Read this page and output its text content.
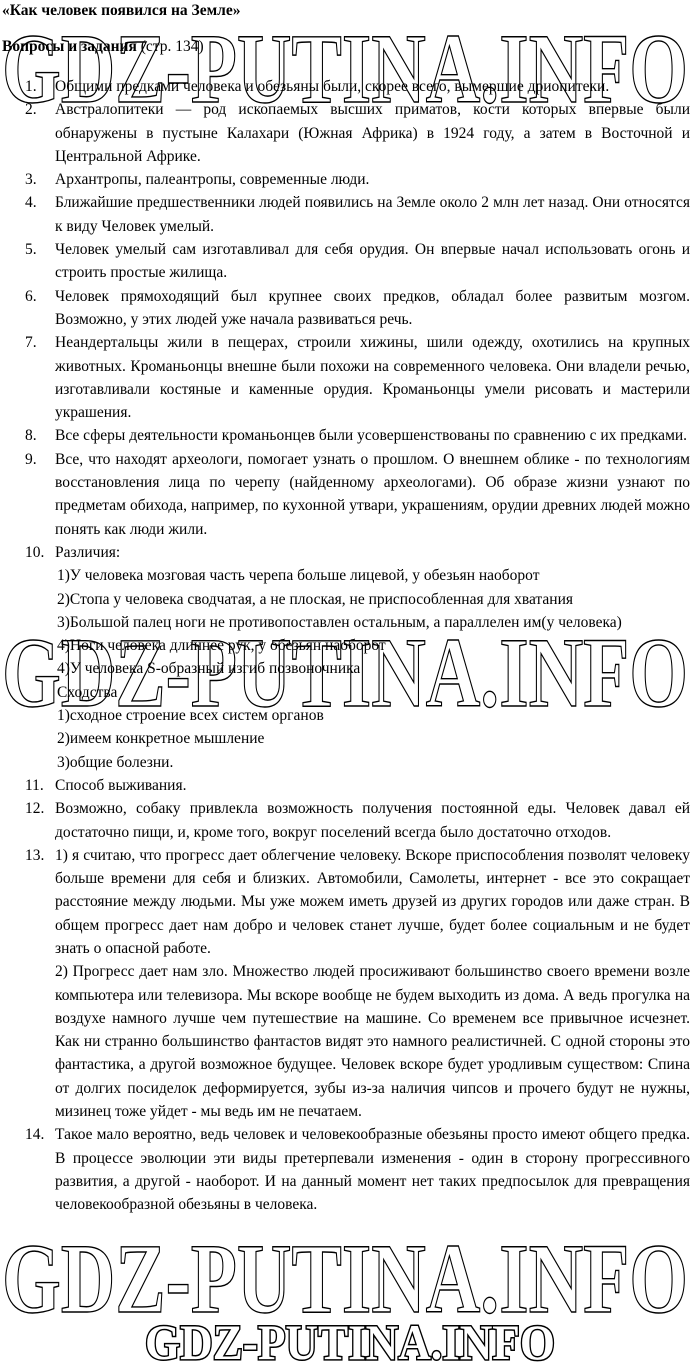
«Как человек появился на Земле»
Вопросы и задания (стр. 134)
1.	Общими предками человека и обезьяны были, скорее всего, вымершие дриопитеки.

2.	Австралопитеки — род ископаемых высших приматов, кости которых впервые были обнаружены в пустыне Калахари (Южная Африка) в 1924 году, а затем в Восточной и Центральной Африке.

3.	Архантропы, палеантропы, современные люди.

4.	Ближайшие предшественники людей появились на Земле около 2 млн лет назад. Они относятся к виду Человек умелый.

5.	Человек умелый сам изготавливал для себя орудия. Он впервые начал использовать огонь и строить простые жилища.

6.	Человек прямоходящий был крупнее своих предков, обладал более развитым мозгом. Возможно, у этих людей уже начала развиваться речь.

7.	Неандертальцы жили в пещерах, строили хижины, шили одежду, охотились на крупных животных. Кроманьонцы внешне были похожи на современного человека. Они владели речью, изготавливали костяные и каменные орудия. Кроманьонцы умели рисовать и мастерили украшения.

8.	Все сферы деятельности кроманьонцев были усовершенствованы по сравнению с их предками.

9.	Все, что находят археологи, помогает узнать о прошлом. О внешнем облике - по технологиям восстановления лица по черепу (найденному археологами). Об образе жизни узнают по предметам обихода, например, по кухонной утвари, украшениям, орудии древних людей можно понять как люди жили.

10. Различия:

1)У человека мозговая часть черепа больше лицевой, у обезьян наоборот

2)Стопа у человека сводчатая, а не плоская, не приспособленная для хватания

3)Большой палец ноги не противопоставлен остальным, а параллелен им(у человека)

4)Ноги человека длиннее рук, у обезьян наоборот

4)У человека S-образный изгиб позвоночника

Сходства

1)сходное строение всех систем органов

2)имеем конкретное мышление

3)общие болезни.

11. Способ выживания.

12. Возможно, собаку привлекла возможность получения постоянной еды. Человек давал ей достаточно пищи, и, кроме того, вокруг поселений всегда было достаточно отходов.

13. 1) я считаю, что прогресс дает облегчение человеку. Вскоре приспособления позволят человеку больше времени для себя и близких. Автомобили, Самолеты, интернет - все это сокращает расстояние между людьми. Мы уже можем иметь друзей из других городов или даже стран. В общем прогресс дает нам добро и человек станет лучше, будет более социальным и не будет знать о опасной работе.

2) Прогресс дает нам зло. Множество людей просиживают большинство своего времени возле компьютера или телевизора. Мы вскоре вообще не будем выходить из дома. А ведь прогулка на воздухе намного лучше чем путешествие на машине. Со временем все привычное исчезнет. Как ни странно большинство фантастов видят это намного реалистичней. С одной стороны это фантастика, а другой возможное будущее. Человек вскоре будет уродливым существом: Спина от долгих посиделок деформируется, зубы из-за наличия чипсов и прочего будут не нужны, мизинец тоже уйдет - мы ведь им не печатаем.

14. Такое мало вероятно, ведь человек и человекообразные обезьяны просто имеют общего предка. В процессе эволюции эти виды претерпевали изменения - один в сторону прогрессивного развития, а другой - наоборот. И на данный момент нет таких предпосылок для превращения человекообразной обезьяны в человека.

GDZ-PUTINA.INFO
GDZ-PUTINA.INFO
GDZ-PUTINA.INFO
GDZ-PUTINA.INFO
